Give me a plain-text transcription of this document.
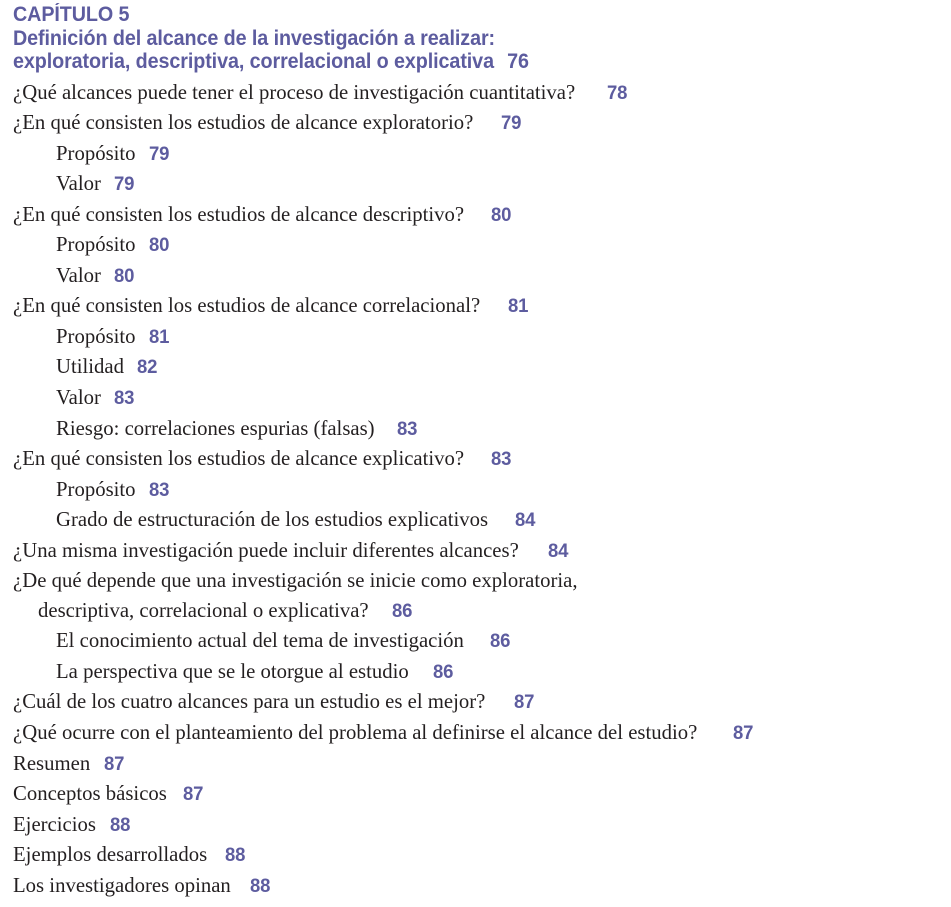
CAPÍTULO 5
Definición del alcance de la investigación a realizar:
exploratoria, descriptiva, correlacional o explicativa 76
¿Qué alcances puede tener el proceso de investigación cuantitativa? 78
¿En qué consisten los estudios de alcance exploratorio? 79
Propósito 79
Valor 79
¿En qué consisten los estudios de alcance descriptivo? 80
Propósito 80
Valor 80
¿En qué consisten los estudios de alcance correlacional? 81
Propósito 81
Utilidad 82
Valor 83
Riesgo: correlaciones espurias (falsas) 83
¿En qué consisten los estudios de alcance explicativo? 83
Propósito 83
Grado de estructuración de los estudios explicativos 84
¿Una misma investigación puede incluir diferentes alcances? 84
¿De qué depende que una investigación se inicie como exploratoria,
descriptiva, correlacional o explicativa? 86
El conocimiento actual del tema de investigación 86
La perspectiva que se le otorgue al estudio 86
¿Cuál de los cuatro alcances para un estudio es el mejor? 87
¿Qué ocurre con el planteamiento del problema al definirse el alcance del estudio? 87
Resumen 87
Conceptos básicos 87
Ejercicios 88
Ejemplos desarrollados 88
Los investigadores opinan 88
